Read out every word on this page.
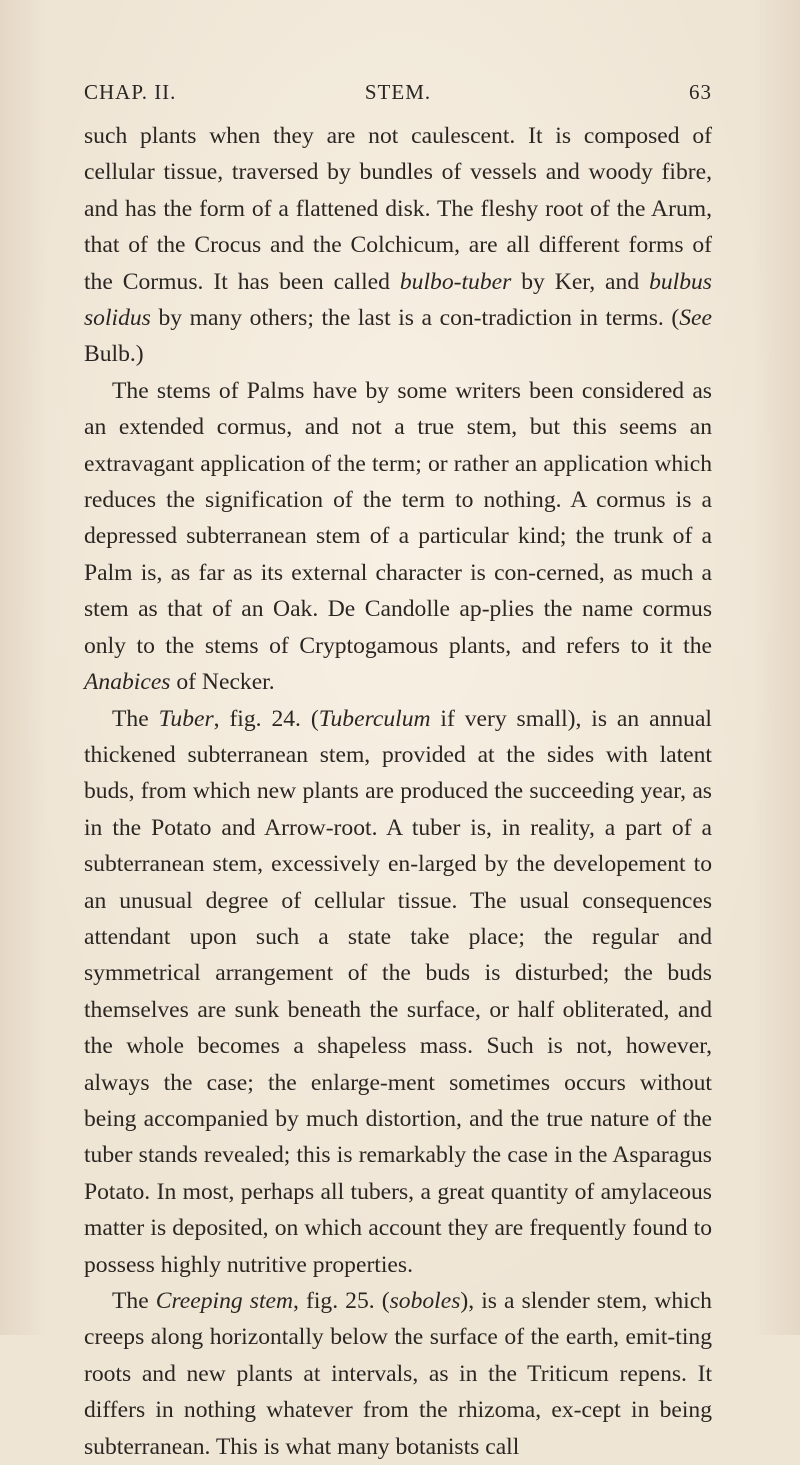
CHAP. II.	STEM.	63

such plants when they are not caulescent. It is composed of cellular tissue, traversed by bundles of vessels and woody fibre, and has the form of a flattened disk. The fleshy root of the Arum, that of the Crocus and the Colchicum, are all different forms of the Cormus. It has been called bulbo-tuber by Ker, and bulbus solidus by many others; the last is a con-tradiction in terms. (See Bulb.)

The stems of Palms have by some writers been considered as an extended cormus, and not a true stem, but this seems an extravagant application of the term; or rather an application which reduces the signification of the term to nothing. A cormus is a depressed subterranean stem of a particular kind; the trunk of a Palm is, as far as its external character is con-cerned, as much a stem as that of an Oak. De Candolle ap-plies the name cormus only to the stems of Cryptogamous plants, and refers to it the Anabices of Necker.

The Tuber, fig. 24. (Tuberculum if very small), is an annual thickened subterranean stem, provided at the sides with latent buds, from which new plants are produced the succeeding year, as in the Potato and Arrow-root. A tuber is, in reality, a part of a subterranean stem, excessively en-larged by the developement to an unusual degree of cellular tissue. The usual consequences attendant upon such a state take place; the regular and symmetrical arrangement of the buds is disturbed; the buds themselves are sunk beneath the surface, or half obliterated, and the whole becomes a shapeless mass. Such is not, however, always the case; the enlarge-ment sometimes occurs without being accompanied by much distortion, and the true nature of the tuber stands revealed; this is remarkably the case in the Asparagus Potato. In most, perhaps all tubers, a great quantity of amylaceous matter is deposited, on which account they are frequently found to possess highly nutritive properties.

The Creeping stem, fig. 25. (soboles), is a slender stem, which creeps along horizontally below the surface of the earth, emit-ting roots and new plants at intervals, as in the Triticum repens. It differs in nothing whatever from the rhizoma, ex-cept in being subterranean. This is what many botanists call
